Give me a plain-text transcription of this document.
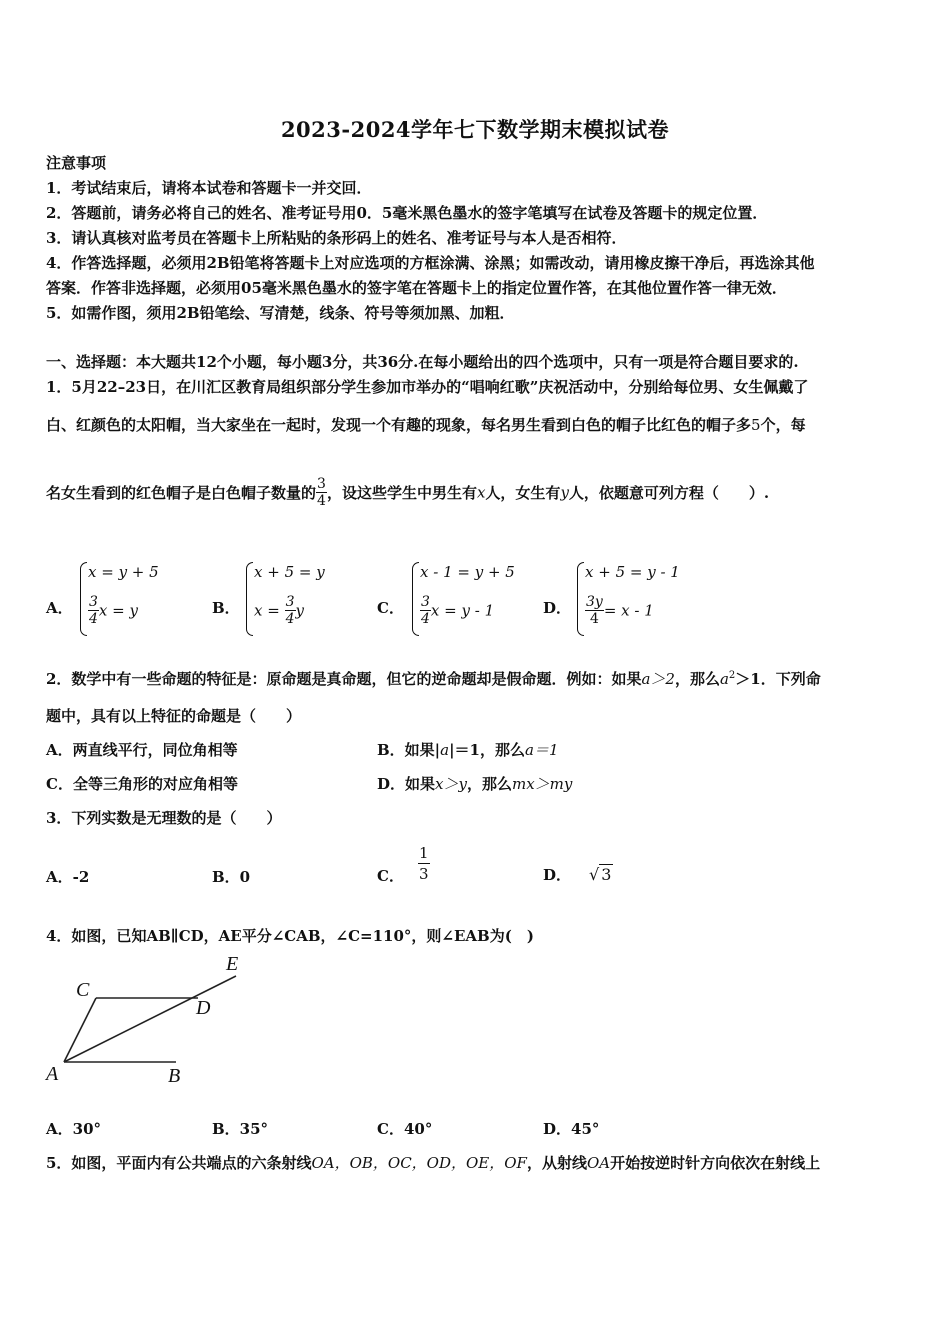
2023-2024学年七下数学期末模拟试卷
注意事项
1．考试结束后，请将本试卷和答题卡一并交回．
2．答题前，请务必将自己的姓名、准考证号用0．5毫米黑色墨水的签字笔填写在试卷及答题卡的规定位置．
3．请认真核对监考员在答题卡上所粘贴的条形码上的姓名、准考证号与本人是否相符．
4．作答选择题，必须用2B铅笔将答题卡上对应选项的方框涂满、涂黑；如需改动，请用橡皮擦干净后，再选涂其他
答案．作答非选择题，必须用05毫米黑色墨水的签字笔在答题卡上的指定位置作答，在其他位置作答一律无效．
5．如需作图，须用2B铅笔绘、写清楚，线条、符号等须加黑、加粗．
一、选择题：本大题共12个小题，每小题3分，共36分.在每小题给出的四个选项中，只有一项是符合题目要求的.
1．5月22–23日，在川汇区教育局组织部分学生参加市举办的“唱响红歌”庆祝活动中，分别给每位男、女生佩戴了
白、红颜色的太阳帽，当大家坐在一起时，发现一个有趣的现象，每名男生看到白色的帽子比红色的帽子多5个，每
名女生看到的红色帽子是白色帽子数量的 $\frac{3}{4}$ ，设这些学生中男生有x人，女生有y人，依题意可列方程（　　）.
A．
x = y + 5
$\frac{3}{4}$ x = y	B．
x + 5 = y
$x = \frac{3}{4}$ y	C．
x - 1 = y + 5
$\frac{3}{4}$ x = y - 1	D．
x + 5 = y - 1
$\frac{3y}{4} = x - 1$
2．数学中有一些命题的特征是：原命题是真命题，但它的逆命题却是假命题．例如：如果a＞2，那么$a^2>1$．下列命
题中，具有以上特征的命题是（　　）
A．两直线平行，同位角相等	B．如果|a|＝1，那么a＝1
C．全等三角形的对应角相等	D．如果x＞y，那么mx＞my
3．下列实数是无理数的是（　　）
A．-2	B．0	C． $\frac{1}{3}$	D． √ 3
4．如图，已知AB∥CD，AE平分∠CAB，∠C=110°，则∠EAB为(　)
A	B
C
D
E
A．30°	B．35°	C．40°	D．45°
5．如图，平面内有公共端点的六条射线OA，OB，OC，OD，OE，OF，从射线OA开始按逆时针方向依次在射线上
